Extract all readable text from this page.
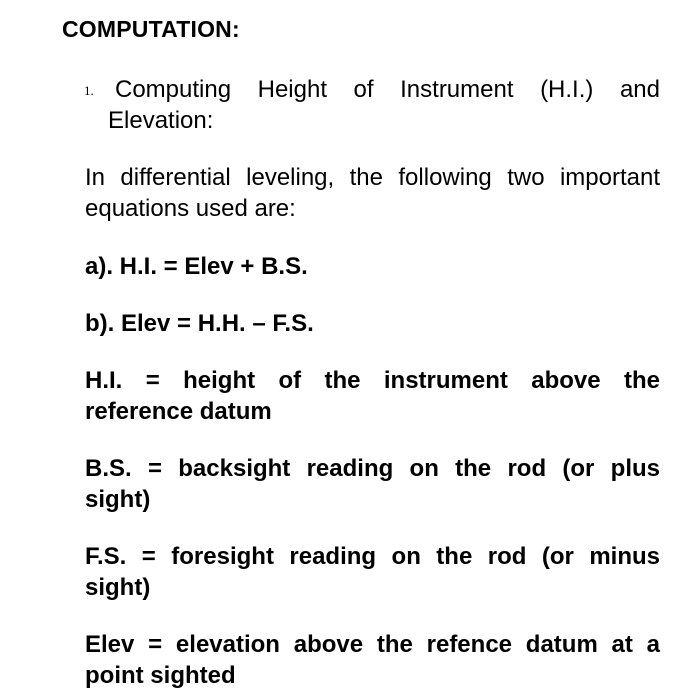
COMPUTATION:
1. Computing Height of Instrument (H.I.) and
Elevation:
In differential leveling, the following two important
equations used are:
a). H.I. = Elev + B.S.
b). Elev = H.H. – F.S.
H.I. = height of the instrument above the
reference datum
B.S. = backsight reading on the rod (or plus
sight)
F.S. = foresight reading on the rod (or minus
sight)
Elev = elevation above the refence datum at a
point sighted
